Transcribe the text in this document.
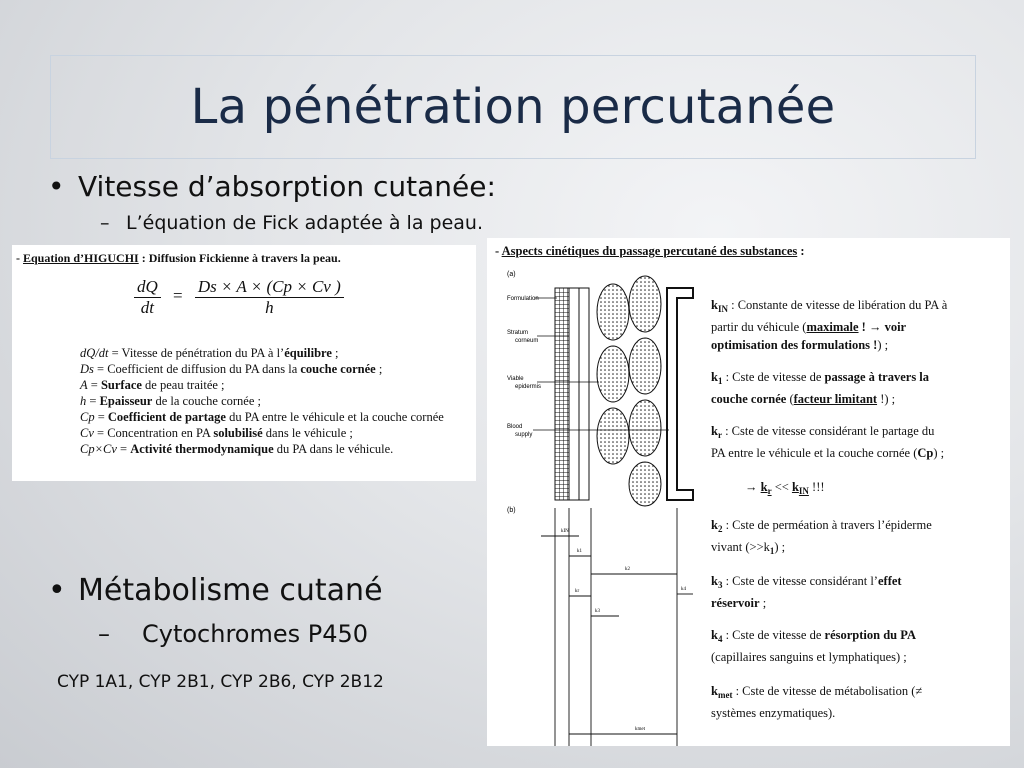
La pénétration percutanée
• Vitesse d’absorption cutanée:
– L’équation de Fick adaptée à la peau.
- Equation d’HIGUCHI : Diffusion Fickienne à travers la peau.
$\frac{dQ}{dt} = \frac{Ds \times A \times (Cp \times Cv )}{h}$
dQ/dt = Vitesse de pénétration du PA à l’équilibre ;
Ds = Coefficient de diffusion du PA dans la couche cornée ;
A = Surface de peau traitée ;
h = Epaisseur de la couche cornée ;
Cp = Coefficient de partage du PA entre le véhicule et la couche cornée
Cv = Concentration en PA solubilisé dans le véhicule ;
Cp×Cv = Activité thermodynamique du PA dans le véhicule.
- Aspects cinétiques du passage percutané des substances :
(a)
Formulation
Stratum
corneum
Viable
epidermis
Blood
supply
(b)
kIN
k1
k2
kr
k3
k4
kmet
$k_{IN}$ : Constante de vitesse de libération du PA à
partir du véhicule (maximale ! → voir
optimisation des formulations !) ;
$k_1$ : Cste de vitesse de passage à travers la
couche cornée (facteur limitant !) ;
$k_r$ : Cste de vitesse considérant le partage du
PA entre le véhicule et la couche cornée (Cp) ;
→ $k_r << k_{IN}$ !!!
$k_2$ : Cste de perméation à travers l’épiderme
vivant $(>>k_1)$ ;
$k_3$ : Cste de vitesse considérant l’effet
réservoir ;
$k_4$ : Cste de vitesse de résorption du PA
(capillaires sanguins et lymphatiques) ;
$k_{met}$ : Cste de vitesse de métabolisation (≠
systèmes enzymatiques).
• Métabolisme cutané
– Cytochromes P450
CYP 1A1, CYP 2B1, CYP 2B6, CYP 2B12
